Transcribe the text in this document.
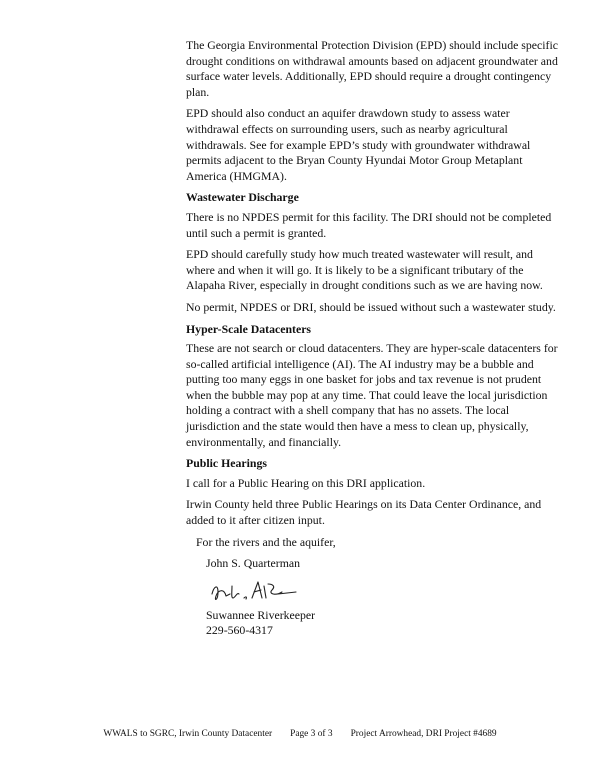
The Georgia Environmental Protection Division (EPD) should include specific drought conditions on withdrawal amounts based on adjacent groundwater and surface water levels. Additionally, EPD should require a drought contingency plan.

EPD should also conduct an aquifer drawdown study to assess water withdrawal effects on surrounding users, such as nearby agricultural withdrawals. See for example EPD’s study with groundwater withdrawal permits adjacent to the Bryan County Hyundai Motor Group Metaplant America (HMGMA).

Wastewater Discharge

There is no NPDES permit for this facility. The DRI should not be completed until such a permit is granted.

EPD should carefully study how much treated wastewater will result, and where and when it will go. It is likely to be a significant tributary of the Alapaha River, especially in drought conditions such as we are having now.

No permit, NPDES or DRI, should be issued without such a wastewater study.

Hyper-Scale Datacenters

These are not search or cloud datacenters. They are hyper-scale datacenters for so-called artificial intelligence (AI). The AI industry may be a bubble and putting too many eggs in one basket for jobs and tax revenue is not prudent when the bubble may pop at any time. That could leave the local jurisdiction holding a contract with a shell company that has no assets. The local jurisdiction and the state would then have a mess to clean up, physically, environmentally, and financially.

Public Hearings

I call for a Public Hearing on this DRI application.

Irwin County held three Public Hearings on its Data Center Ordinance, and added to it after citizen input.

For the rivers and the aquifer,
John S. Quarterman
Suwannee Riverkeeper
229-560-4317
WWALS to SGRC, Irwin County Datacenter Page 3 of 3 Project Arrowhead, DRI Project #4689
